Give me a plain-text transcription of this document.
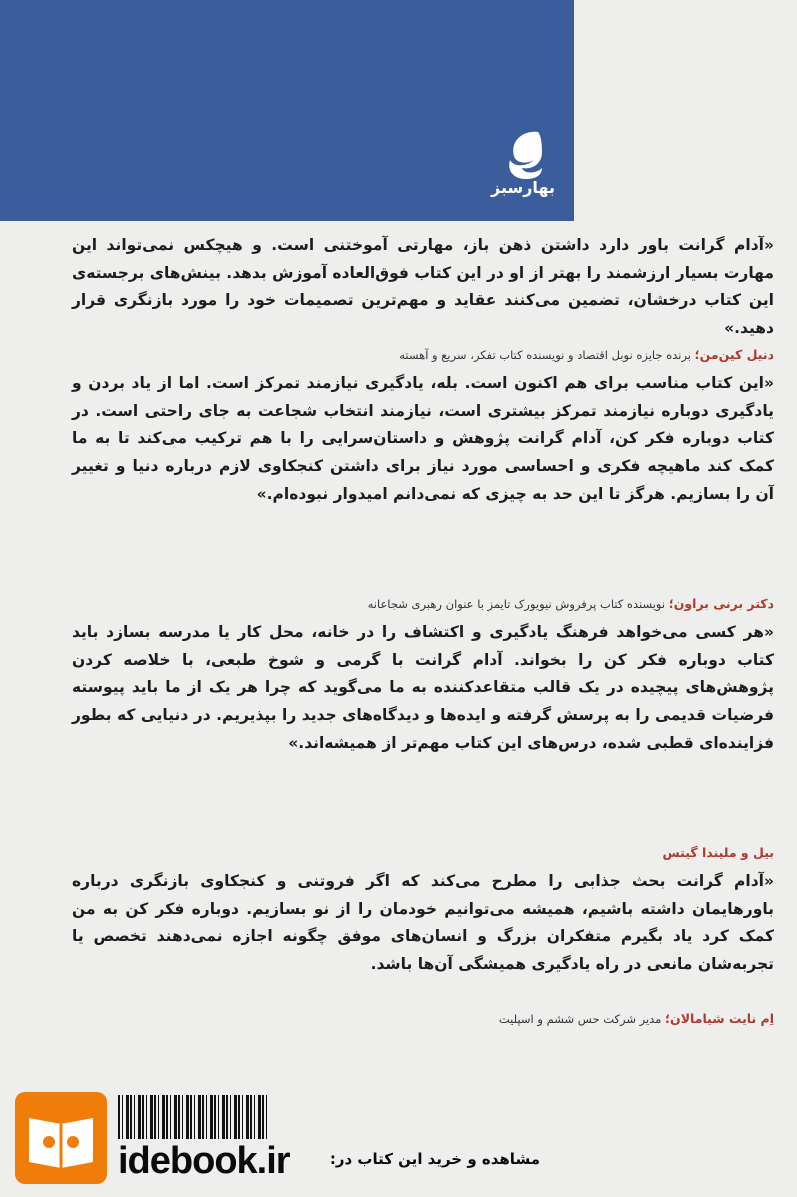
بهارسبز

«آدام گرانت باور دارد داشتن ذهن باز، مهارتی آموختنی است. و هیچکس نمی‌تواند این مهارت بسیار ارزشمند را بهتر از او در این کتاب فوق‌العاده آموزش بدهد. بینش‌های برجسته‌ی این کتاب درخشان، تضمین می‌کنند عقاید و مهم‌ترین تصمیمات خود را مورد بازنگری قرار دهید.»

دنیل کین‌من؛ برنده جایزه نوبل اقتصاد و نویسنده کتاب تفکر، سریع و آهسته

«این کتاب مناسب برای هم اکنون است. بله، یادگیری نیازمند تمرکز است. اما از یاد بردن و یادگیری دوباره نیازمند تمرکز بیشتری است، نیازمند انتخاب شجاعت به جای راحتی است. در کتاب دوباره فکر کن، آدام گرانت پژوهش و داستان‌سرایی را با هم ترکیب می‌کند تا به ما کمک کند ماهیچه فکری و احساسی مورد نیاز برای داشتن کنجکاوی لازم درباره دنیا و تغییر آن را بسازیم. هرگز تا این حد به چیزی که نمی‌دانم امیدوار نبوده‌ام.»

دکتر برنی براون؛ نویسنده کتاب پرفروش نیویورک تایمز با عنوان رهبری شجاعانه

«هر کسی می‌خواهد فرهنگ یادگیری و اکتشاف را در خانه، محل کار یا مدرسه بسازد باید کتاب دوباره فکر کن را بخواند. آدام گرانت با گرمی و شوخ طبعی، با خلاصه کردن پژوهش‌های پیچیده در یک قالب متقاعدکننده به ما می‌گوید که چرا هر یک از ما باید پیوسته فرضیات قدیمی را به پرسش گرفته و ایده‌ها و دیدگاه‌های جدید را بپذیریم. در دنیایی که بطور فزاینده‌ای قطبی شده، درس‌های این کتاب مهم‌تر از همیشه‌اند.»

بیل و ملیندا گیتس

«آدام گرانت بحث جذابی را مطرح می‌کند که اگر فروتنی و کنجکاوی بازنگری درباره باورهایمان داشته باشیم، همیشه می‌توانیم خودمان را از نو بسازیم. دوباره فکر کن به من کمک کرد یاد بگیرم متفکران بزرگ و انسان‌های موفق چگونه اجازه نمی‌دهند تخصص یا تجربه‌شان مانعی در راه یادگیری همیشگی آن‌ها باشد.

اِم نایت شیامالان؛ مدیر شرکت حس ششم و اسپلیت
idebook.ir	مشاهده و خرید این کتاب در:
